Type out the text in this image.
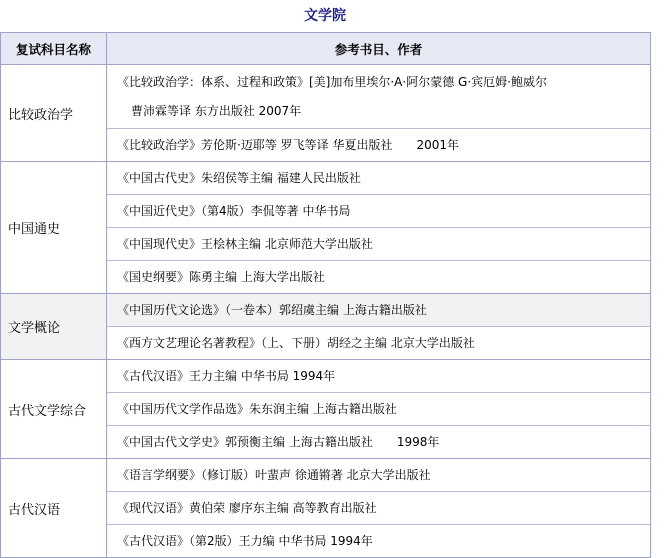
文学院
复试科目名称	参考书目、作者
比较政治学	《比较政治学：体系、过程和政策》[美]加布里埃尔·A·阿尔蒙德 G·宾厄姆·鲍威尔
曹沛霖等译 东方出版社 2007年
《比较政治学》芳伦斯·迈耶等 罗飞等译 华夏出版社　　2001年

中国通史	《中国古代史》朱绍侯等主编 福建人民出版社
《中国近代史》（第4版）李侃等著 中华书局
《中国现代史》王桧林主编 北京师范大学出版社
《国史纲要》陈勇主编 上海大学出版社

文学概论	《中国历代文论选》（一卷本）郭绍虞主编 上海古籍出版社
《西方文艺理论名著教程》（上、下册）胡经之主编 北京大学出版社

古代文学综合	《古代汉语》王力主编 中华书局 1994年
《中国历代文学作品选》朱东润主编 上海古籍出版社
《中国古代文学史》郭预衡主编 上海古籍出版社　　1998年

古代汉语	《语言学纲要》（修订版）叶蜚声 徐通锵著 北京大学出版社
《现代汉语》黄伯荣 廖序东主编 高等教育出版社
《古代汉语》（第2版）王力编 中华书局 1994年
